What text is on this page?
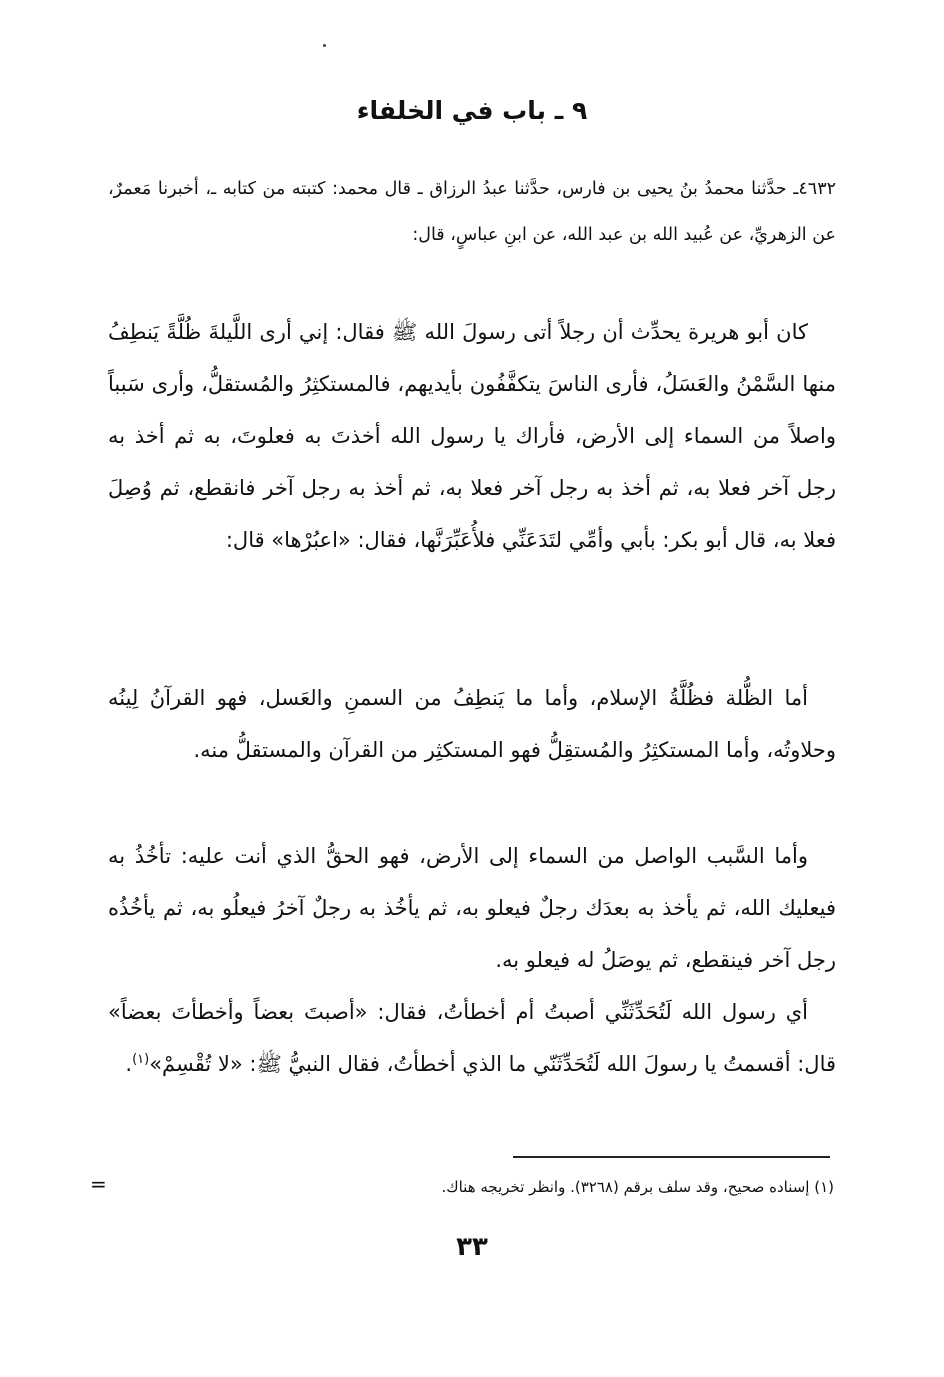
٩ ـ باب في الخلفاء
٤٦٣٢ـ حدَّثنا محمدُ بنُ يحيى بن فارس، حدَّثنا عبدُ الرزاق ـ قال محمد: كتبته من كتابه ـ، أخبرنا مَعمرٌ، عن الزهريِّ، عن عُبيد الله بن عبد الله، عن ابنِ عباسٍ، قال:

كان أبو هريرة يحدِّث أن رجلاً أتى رسولَ الله ﷺ فقال: إني أرى اللَّيلةَ ظُلَّةً يَنطِفُ منها السَّمْنُ والعَسَلُ، فأرى الناسَ يتكفَّفُون بأيديهم، فالمستكثِرُ والمُستقلُّ، وأرى سَبباً واصلاً من السماء إلى الأرض، فأراك يا رسول الله أخذتَ به فعلوتَ، به ثم أخذ به رجل آخر فعلا به، ثم أخذ به رجل آخر فعلا به، ثم أخذ به رجل آخر فانقطع، ثم وُصِلَ فعلا به، قال أبو بكر: بأبي وأمِّي لتَدَعَنِّي فلأُعَبِّرَنَّها، فقال: «اعبُرْها» قال:

أما الظُّلة فظُلَّةُ الإسلام، وأما ما يَنطِفُ من السمنِ والعَسل، فهو القرآنُ لِينُه وحلاوتُه، وأما المستكثِرُ والمُستقِلُّ فهو المستكثِر من القرآن والمستقلُّ منه.

وأما السَّبب الواصل من السماء إلى الأرض، فهو الحقُّ الذي أنت عليه: تأخُذُ به فيعليك الله، ثم يأخذ به بعدَك رجلٌ فيعلو به، ثم يأخُذ به رجلٌ آخرُ فيعلُو به، ثم يأخُذُه رجل آخر فينقطع، ثم يوصَلُ له فيعلو به.

أي رسول الله لَتُحَدِّثَنِّي أصبتُ أم أخطأتُ، فقال: «أصبتَ بعضاً وأخطأتَ بعضاً» قال: أقسمتُ يا رسولَ الله لَتُحَدِّثَنّي ما الذي أخطأتُ، فقال النبيُّ ﷺ: «لا تُقْسِمْ»$^{(١)}$.

(١) إسناده صحيح، وقد سلف برقم (٣٢٦٨). وانظر تخريجه هناك.
=
٣٣
